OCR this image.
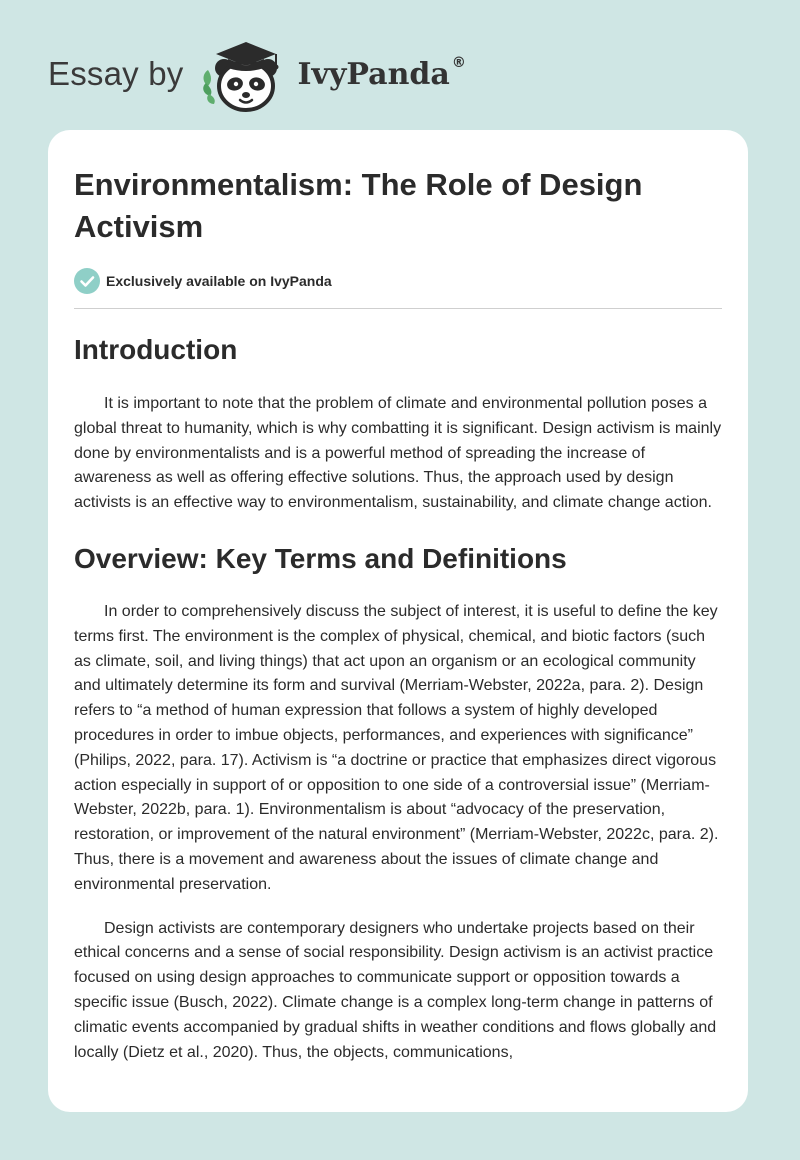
Essay by	IvyPanda ®
Environmentalism: The Role of Design Activism
Exclusively available on IvyPanda
Introduction

It is important to note that the problem of climate and environmental pollution poses a global threat to humanity, which is why combatting it is significant. Design activism is mainly done by environmentalists and is a powerful method of spreading the increase of awareness as well as offering effective solutions. Thus, the approach used by design activists is an effective way to environmentalism, sustainability, and climate change action.

Overview: Key Terms and Definitions

In order to comprehensively discuss the subject of interest, it is useful to define the key terms first. The environment is the complex of physical, chemical, and biotic factors (such as climate, soil, and living things) that act upon an organism or an ecological community and ultimately determine its form and survival (Merriam-Webster, 2022a, para. 2). Design refers to “a method of human expression that follows a system of highly developed procedures in order to imbue objects, performances, and experiences with significance” (Philips, 2022, para. 17). Activism is “a doctrine or practice that emphasizes direct vigorous action especially in support of or opposition to one side of a controversial issue” (Merriam-Webster, 2022b, para. 1). Environmentalism is about “advocacy of the preservation, restoration, or improvement of the natural environment” (Merriam-Webster, 2022c, para. 2). Thus, there is a movement and awareness about the issues of climate change and environmental preservation.

Design activists are contemporary designers who undertake projects based on their ethical concerns and a sense of social responsibility. Design activism is an activist practice focused on using design approaches to communicate support or opposition towards a specific issue (Busch, 2022). Climate change is a complex long-term change in patterns of climatic events accompanied by gradual shifts in weather conditions and flows globally and locally (Dietz et al., 2020). Thus, the objects, communications,
